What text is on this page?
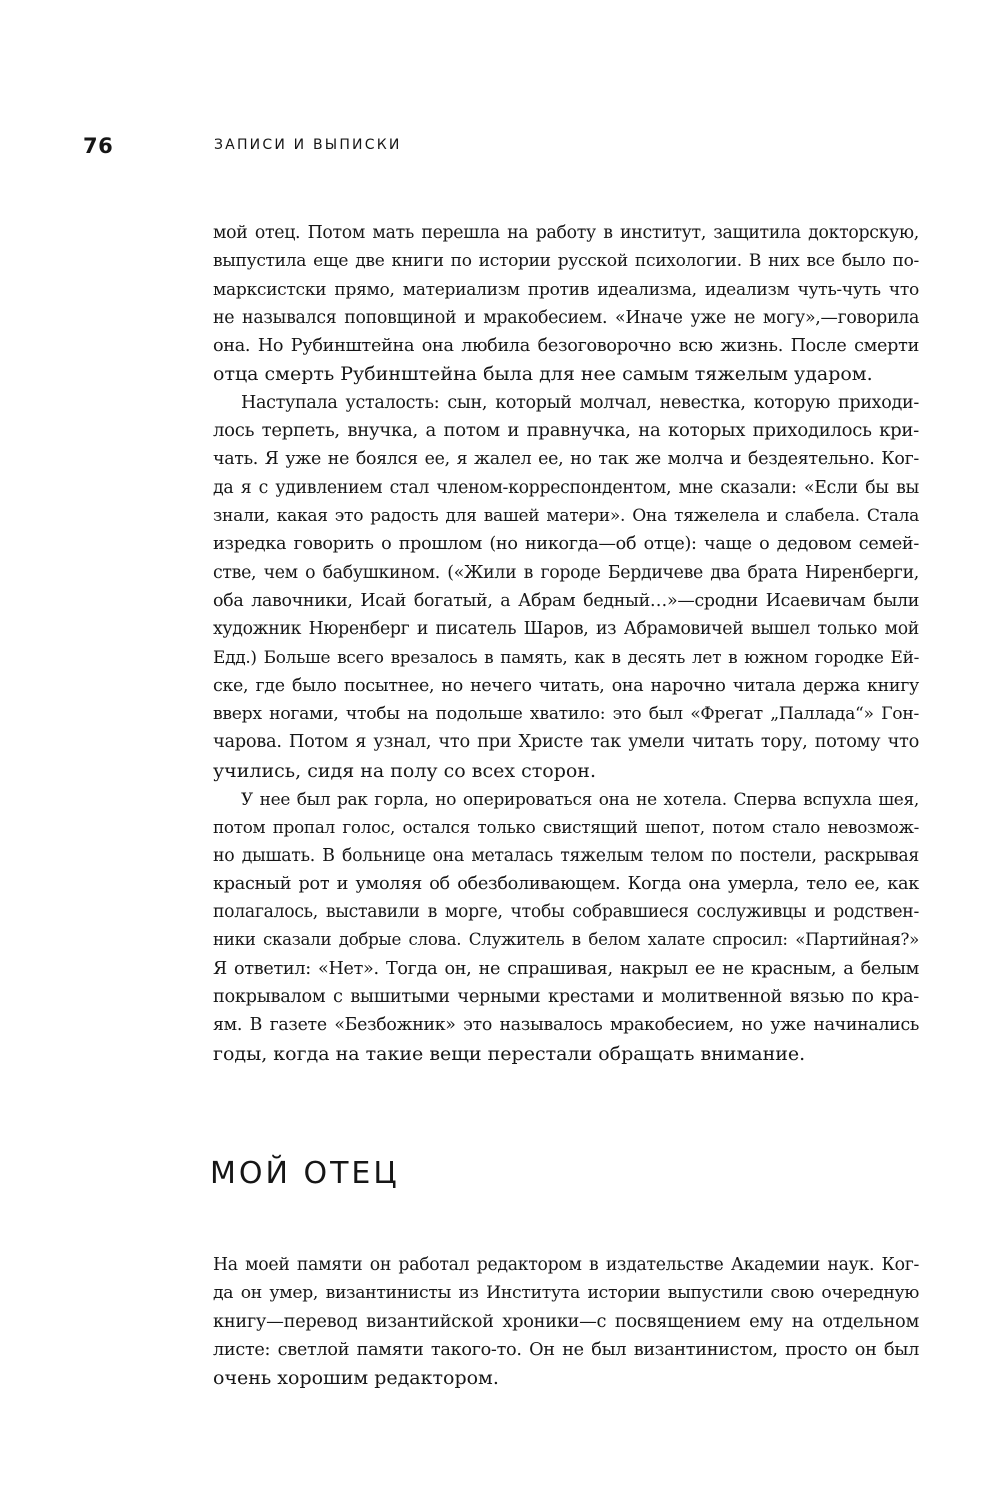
76	ЗАПИСИ И ВЫПИСКИ
мой отец. Потом мать перешла на работу в институт, защитила докторскую,
выпустила еще две книги по истории русской психологии. В них все было по-
марксистски прямо, материализм против идеализма, идеализм чуть-чуть что
не назывался поповщиной и мракобесием. «Иначе уже не могу»,—говорила
она. Но Рубинштейна она любила безоговорочно всю жизнь. После смерти
отца смерть Рубинштейна была для нее самым тяжелым ударом.
Наступала усталость: сын, который молчал, невестка, которую приходи-
лось терпеть, внучка, а потом и правнучка, на которых приходилось кри-
чать. Я уже не боялся ее, я жалел ее, но так же молча и бездеятельно. Ког-
да я с удивлением стал членом-корреспондентом, мне сказали: «Если бы вы
знали, какая это радость для вашей матери». Она тяжелела и слабела. Стала
изредка говорить о прошлом (но никогда—об отце): чаще о дедовом семей-
стве, чем о бабушкином. («Жили в городе Бердичеве два брата Ниренберги,
оба лавочники, Исай богатый, а Абрам бедный…»—сродни Исаевичам были
художник Нюренберг и писатель Шаров, из Абрамовичей вышел только мой
Едд.) Больше всего врезалось в память, как в десять лет в южном городке Ей-
ске, где было посытнее, но нечего читать, она нарочно читала держа книгу
вверх ногами, чтобы на подольше хватило: это был «Фрегат „Паллада“» Гон-
чарова. Потом я узнал, что при Христе так умели читать тору, потому что
учились, сидя на полу со всех сторон.
У нее был рак горла, но оперироваться она не хотела. Сперва вспухла шея,
потом пропал голос, остался только свистящий шепот, потом стало невозмож-
но дышать. В больнице она металась тяжелым телом по постели, раскрывая
красный рот и умоляя об обезболивающем. Когда она умерла, тело ее, как
полагалось, выставили в морге, чтобы собравшиеся сослуживцы и родствен-
ники сказали добрые слова. Служитель в белом халате спросил: «Партийная?»
Я ответил: «Нет». Тогда он, не спрашивая, накрыл ее не красным, а белым
покрывалом с вышитыми черными крестами и молитвенной вязью по кра-
ям. В газете «Безбожник» это называлось мракобесием, но уже начинались
годы, когда на такие вещи перестали обращать внимание.
МОЙ ОТЕЦ
На моей памяти он работал редактором в издательстве Академии наук. Ког-
да он умер, византинисты из Института истории выпустили свою очередную
книгу—перевод византийской хроники—с посвящением ему на отдельном
листе: светлой памяти такого-то. Он не был византинистом, просто он был
очень хорошим редактором.
